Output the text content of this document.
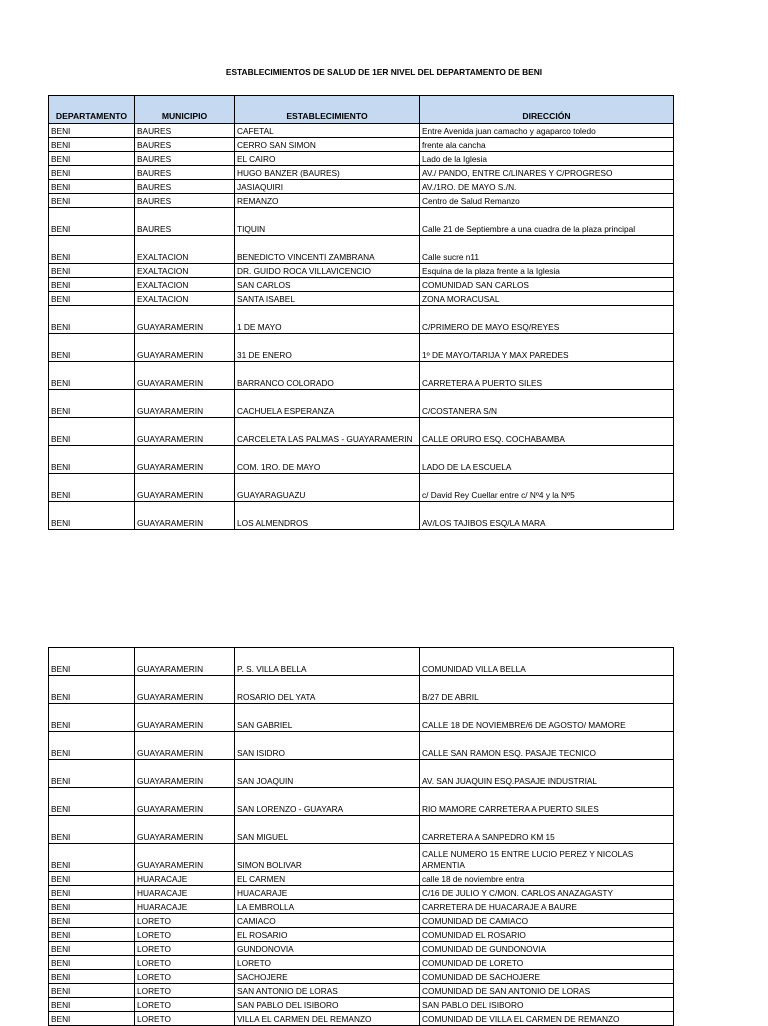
ESTABLECIMIENTOS DE SALUD DE 1ER NIVEL DEL DEPARTAMENTO DE BENI
DEPARTAMENTO	MUNICIPIO	ESTABLECIMIENTO	DIRECCIÓN
BENI	BAURES	CAFETAL	Entre Avenida juan camacho y agaparco toledo
BENI	BAURES	CERRO SAN SIMON	frente ala cancha
BENI	BAURES	EL CAIRO	Lado de la Iglesia
BENI	BAURES	HUGO BANZER (BAURES)	AV./ PANDO, ENTRE C/LINARES Y C/PROGRESO
BENI	BAURES	JASIAQUIRI	AV./1RO. DE MAYO S./N.
BENI	BAURES	REMANZO	Centro de Salud Remanzo
BENI	BAURES	TIQUIN	Calle 21 de Septiembre a una cuadra de la plaza principal
BENI	EXALTACION	BENEDICTO VINCENTI ZAMBRANA	Calle sucre n11
BENI	EXALTACION	DR. GUIDO ROCA VILLAVICENCIO	Esquina de la plaza frente a la Iglesia
BENI	EXALTACION	SAN CARLOS	COMUNIDAD SAN CARLOS
BENI	EXALTACION	SANTA ISABEL	ZONA MORACUSAL
BENI	GUAYARAMERIN	1 DE MAYO	C/PRIMERO DE MAYO ESQ/REYES
BENI	GUAYARAMERIN	31 DE ENERO	1º DE MAYO/TARIJA Y MAX PAREDES
BENI	GUAYARAMERIN	BARRANCO COLORADO	CARRETERA A PUERTO SILES
BENI	GUAYARAMERIN	CACHUELA ESPERANZA	C/COSTANERA S/N
BENI	GUAYARAMERIN	CARCELETA LAS PALMAS - GUAYARAMERIN	CALLE ORURO ESQ. COCHABAMBA
BENI	GUAYARAMERIN	COM. 1RO. DE MAYO	LADO DE LA ESCUELA
BENI	GUAYARAMERIN	GUAYARAGUAZU	c/ David Rey Cuellar entre c/ Nº4 y la Nº5
BENI	GUAYARAMERIN	LOS ALMENDROS	AV/LOS TAJIBOS ESQ/LA MARA
BENI	GUAYARAMERIN	P. S. VILLA BELLA	COMUNIDAD VILLA BELLA
BENI	GUAYARAMERIN	ROSARIO DEL YATA	B/27 DE ABRIL
BENI	GUAYARAMERIN	SAN GABRIEL	CALLE 18 DE NOVIEMBRE/6 DE AGOSTO/ MAMORE
BENI	GUAYARAMERIN	SAN ISIDRO	CALLE SAN RAMON ESQ. PASAJE TECNICO
BENI	GUAYARAMERIN	SAN JOAQUIN	AV. SAN JUAQUIN ESQ.PASAJE INDUSTRIAL
BENI	GUAYARAMERIN	SAN LORENZO - GUAYARA	RIO MAMORE CARRETERA A PUERTO SILES
BENI	GUAYARAMERIN	SAN MIGUEL	CARRETERA A SANPEDRO KM 15
BENI	GUAYARAMERIN	SIMON BOLIVAR	CALLE NUMERO 15 ENTRE LUCIO PEREZ Y NICOLAS ARMENTIA
BENI	HUARACAJE	EL CARMEN	calle 18 de noviembre entra
BENI	HUARACAJE	HUACARAJE	C/16 DE JULIO Y C/MON. CARLOS ANAZAGASTY
BENI	HUARACAJE	LA EMBROLLA	CARRETERA DE HUACARAJE A BAURE
BENI	LORETO	CAMIACO	COMUNIDAD DE CAMIACO
BENI	LORETO	EL ROSARIO	COMUNIDAD EL ROSARIO
BENI	LORETO	GUNDONOVIA	COMUNIDAD DE GUNDONOVIA
BENI	LORETO	LORETO	COMUNIDAD DE LORETO
BENI	LORETO	SACHOJERE	COMUNIDAD DE SACHOJERE
BENI	LORETO	SAN ANTONIO DE LORAS	COMUNIDAD DE SAN ANTONIO DE LORAS
BENI	LORETO	SAN PABLO DEL ISIBORO	SAN PABLO DEL ISIBORO
BENI	LORETO	VILLA EL CARMEN DEL REMANZO	COMUNIDAD DE VILLA EL CARMEN DE REMANZO
